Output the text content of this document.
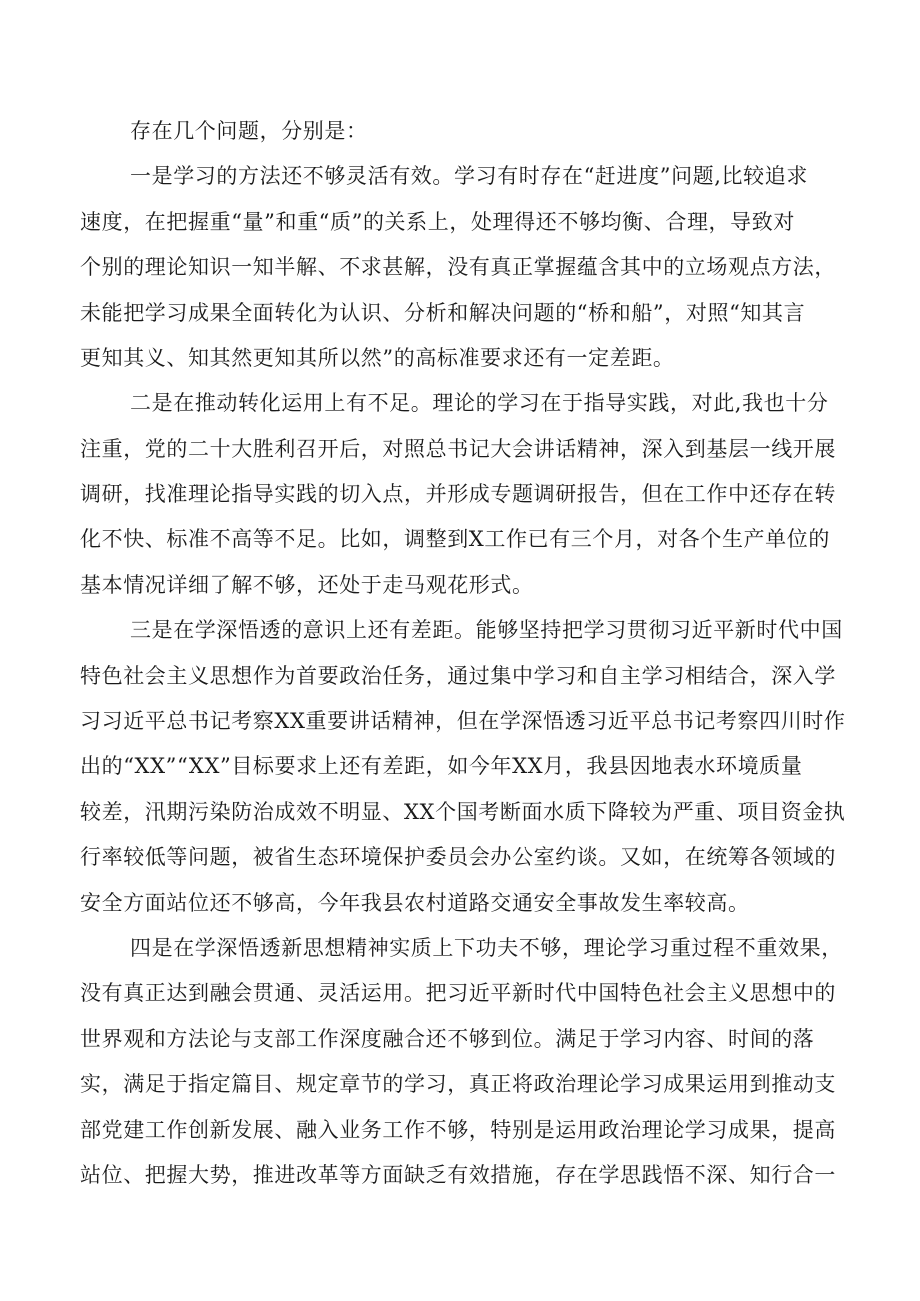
存在几个问题，分别是：
一是学习的方法还不够灵活有效。学习有时存在“赶进度”问题,比较追求
速度，在把握重“量”和重“质”的关系上，处理得还不够均衡、合理，导致对
个别的理论知识一知半解、不求甚解，没有真正掌握蕴含其中的立场观点方法，
未能把学习成果全面转化为认识、分析和解决问题的“桥和船”，对照“知其言
更知其义、知其然更知其所以然”的高标准要求还有一定差距。
二是在推动转化运用上有不足。理论的学习在于指导实践，对此,我也十分
注重，党的二十大胜利召开后，对照总书记大会讲话精神，深入到基层一线开展
调研，找准理论指导实践的切入点，并形成专题调研报告，但在工作中还存在转
化不快、标准不高等不足。比如，调整到X工作已有三个月，对各个生产单位的
基本情况详细了解不够，还处于走马观花形式。
三是在学深悟透的意识上还有差距。能够坚持把学习贯彻习近平新时代中国
特色社会主义思想作为首要政治任务，通过集中学习和自主学习相结合，深入学
习习近平总书记考察XX重要讲话精神，但在学深悟透习近平总书记考察四川时作
出的“XX”“XX”目标要求上还有差距，如今年XX月，我县因地表水环境质量
较差，汛期污染防治成效不明显、XX个国考断面水质下降较为严重、项目资金执
行率较低等问题，被省生态环境保护委员会办公室约谈。又如，在统筹各领域的
安全方面站位还不够高，今年我县农村道路交通安全事故发生率较高。
四是在学深悟透新思想精神实质上下功夫不够，理论学习重过程不重效果，
没有真正达到融会贯通、灵活运用。把习近平新时代中国特色社会主义思想中的
世界观和方法论与支部工作深度融合还不够到位。满足于学习内容、时间的落
实，满足于指定篇目、规定章节的学习，真正将政治理论学习成果运用到推动支
部党建工作创新发展、融入业务工作不够，特别是运用政治理论学习成果，提高
站位、把握大势，推进改革等方面缺乏有效措施，存在学思践悟不深、知行合一
